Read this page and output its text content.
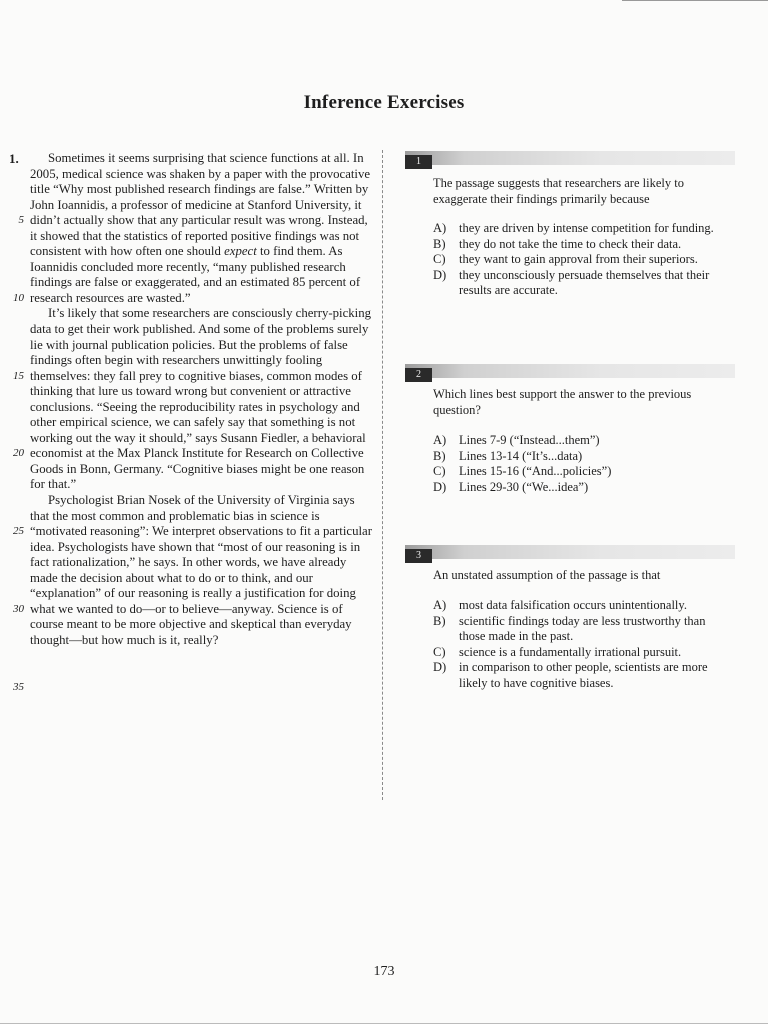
Inference Exercises
1.
5
10
15
20
25
30
35

Sometimes it seems surprising that science functions at all. In 2005, medical science was shaken by a paper with the provocative title “Why most published research findings are false.” Written by John Ioannidis, a professor of medicine at Stanford University, it didn’t actually show that any particular result was wrong. Instead, it showed that the statistics of reported positive findings was not consistent with how often one should expect to find them. As Ioannidis concluded more recently, “many published research findings are false or exaggerated, and an estimated 85 percent of research resources are wasted.”

It’s likely that some researchers are consciously cherry-picking data to get their work published. And some of the problems surely lie with journal publication policies. But the problems of false findings often begin with researchers unwittingly fooling themselves: they fall prey to cognitive biases, common modes of thinking that lure us toward wrong but convenient or attractive conclusions. “Seeing the reproducibility rates in psychology and other empirical science, we can safely say that something is not working out the way it should,” says Susann Fiedler, a behavioral economist at the Max Planck Institute for Research on Collective Goods in Bonn, Germany. “Cognitive biases might be one reason for that.”

Psychologist Brian Nosek of the University of Virginia says that the most common and problematic bias in science is “motivated reasoning”: We interpret observations to fit a particular idea. Psychologists have shown that “most of our reasoning is in fact rationalization,” he says. In other words, we have already made the decision about what to do or to think, and our “explanation” of our reasoning is really a justification for doing what we wanted to do—or to believe—anyway. Science is of course meant to be more objective and skeptical than everyday thought—but how much is it, really?

1
The passage suggests that researchers are likely to exaggerate their findings primarily because
A)	they are driven by intense competition for funding.
B)	they do not take the time to check their data.
C)	they want to gain approval from their superiors.
D)	they unconsciously persuade themselves that their results are accurate.
2
Which lines best support the answer to the previous question?
A)	Lines 7-9 (“Instead...them”)
B)	Lines 13-14 (“It’s...data)
C)	Lines 15-16 (“And...policies”)
D)	Lines 29-30 (“We...idea”)
3
An unstated assumption of the passage is that
A)	most data falsification occurs unintentionally.
B)	scientific findings today are less trustworthy than those made in the past.
C)	science is a fundamentally irrational pursuit.
D)	in comparison to other people, scientists are more likely to have cognitive biases.
173
